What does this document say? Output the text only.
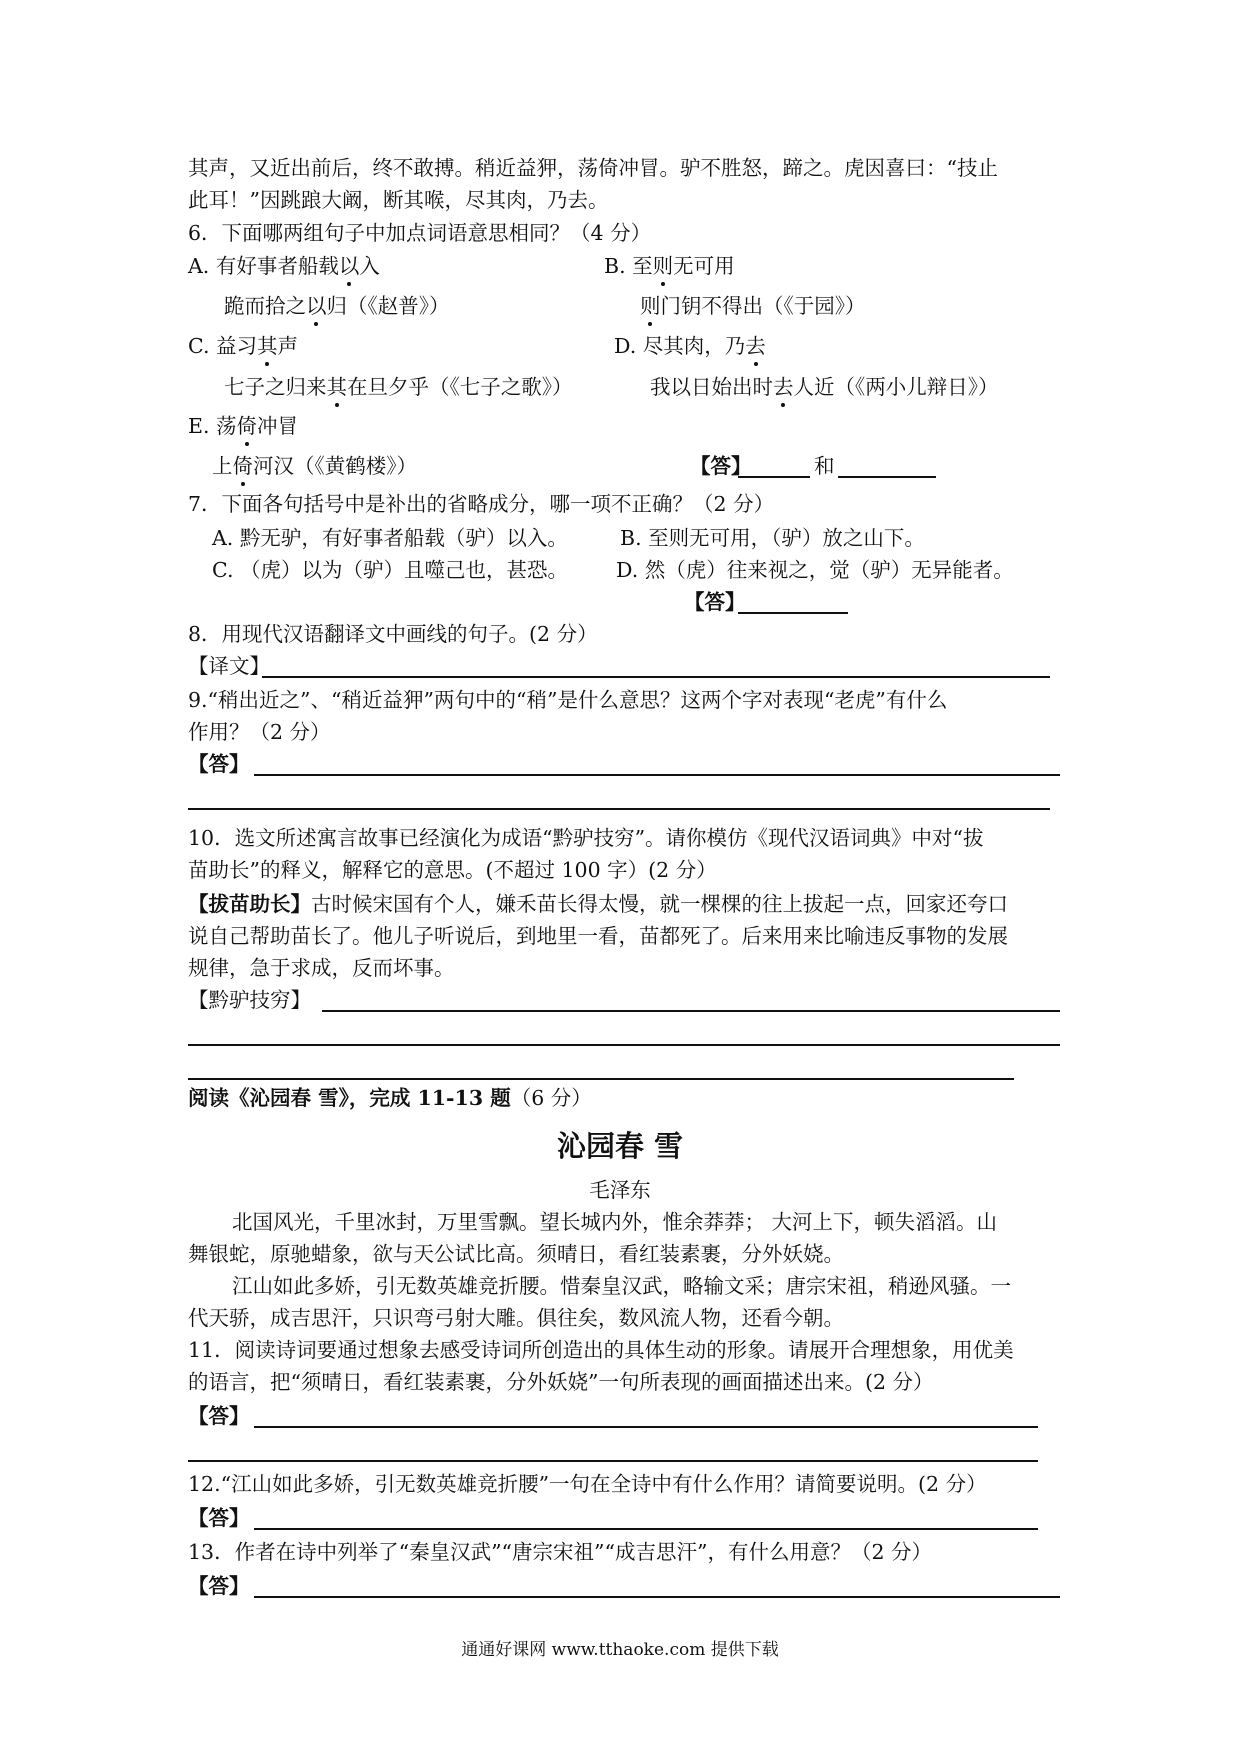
其声，又近出前后，终不敢搏。稍近益狎，荡倚冲冒。驴不胜怒，蹄之。虎因喜曰：“技止
此耳！”因跳踉大阚，断其喉，尽其肉，乃去。
6．下面哪两组句子中加点词语意思相同？（4 分）
A. 有好事者船载以入	B. 至则无可用
跪而拾之以归（《赵普》）	则门钥不得出（《于园》）
C. 益习其声	D. 尽其肉，乃去
七子之归来其在旦夕乎（《七子之歌》）	我以日始出时去人近（《两小儿辩日》）
E. 荡倚冲冒
上倚河汉（《黄鹤楼》）	【答】	和
7．下面各句括号中是补出的省略成分，哪一项不正确？（2 分）
A. 黔无驴，有好事者船载（驴）以入。	B. 至则无可用，（驴）放之山下。
C. （虎）以为（驴）且噬己也，甚恐。 D. 然（虎）往来视之，觉（驴）无异能者。
【答】
8．用现代汉语翻译文中画线的句子。(2 分）
【译文】
9.“稍出近之”、“稍近益狎”两句中的“稍”是什么意思？这两个字对表现“老虎”有什么
作用？（2 分）
【答】
10．选文所述寓言故事已经演化为成语“黔驴技穷”。请你模仿《现代汉语词典》中对“拔
苗助长”的释义，解释它的意思。(不超过 100 字）(2 分）
【拔苗助长】古时候宋国有个人，嫌禾苗长得太慢，就一棵棵的往上拔起一点，回家还夸口
说自己帮助苗长了。他儿子听说后，到地里一看，苗都死了。后来用来比喻违反事物的发展
规律，急于求成，反而坏事。
【黔驴技穷】
阅读《沁园春 雪》，完成 11-13 题（6 分）
沁园春 雪
毛泽东
北国风光，千里冰封，万里雪飘。望长城内外，惟余莽莽； 大河上下，顿失滔滔。山
舞银蛇，原驰蜡象，欲与天公试比高。须晴日，看红装素裹，分外妖娆。
江山如此多娇，引无数英雄竞折腰。惜秦皇汉武，略输文采；唐宗宋祖，稍逊风骚。一
代天骄，成吉思汗，只识弯弓射大雕。俱往矣，数风流人物，还看今朝。
11．阅读诗词要通过想象去感受诗词所创造出的具体生动的形象。请展开合理想象，用优美
的语言，把“须晴日，看红装素裹，分外妖娆”一句所表现的画面描述出来。(2 分）
【答】
12.“江山如此多娇，引无数英雄竞折腰”一句在全诗中有什么作用？请简要说明。(2 分）
【答】
13．作者在诗中列举了“秦皇汉武”“唐宗宋祖”“成吉思汗”，有什么用意？（2 分）
【答】
通通好课网 www.tthaoke.com 提供下载
